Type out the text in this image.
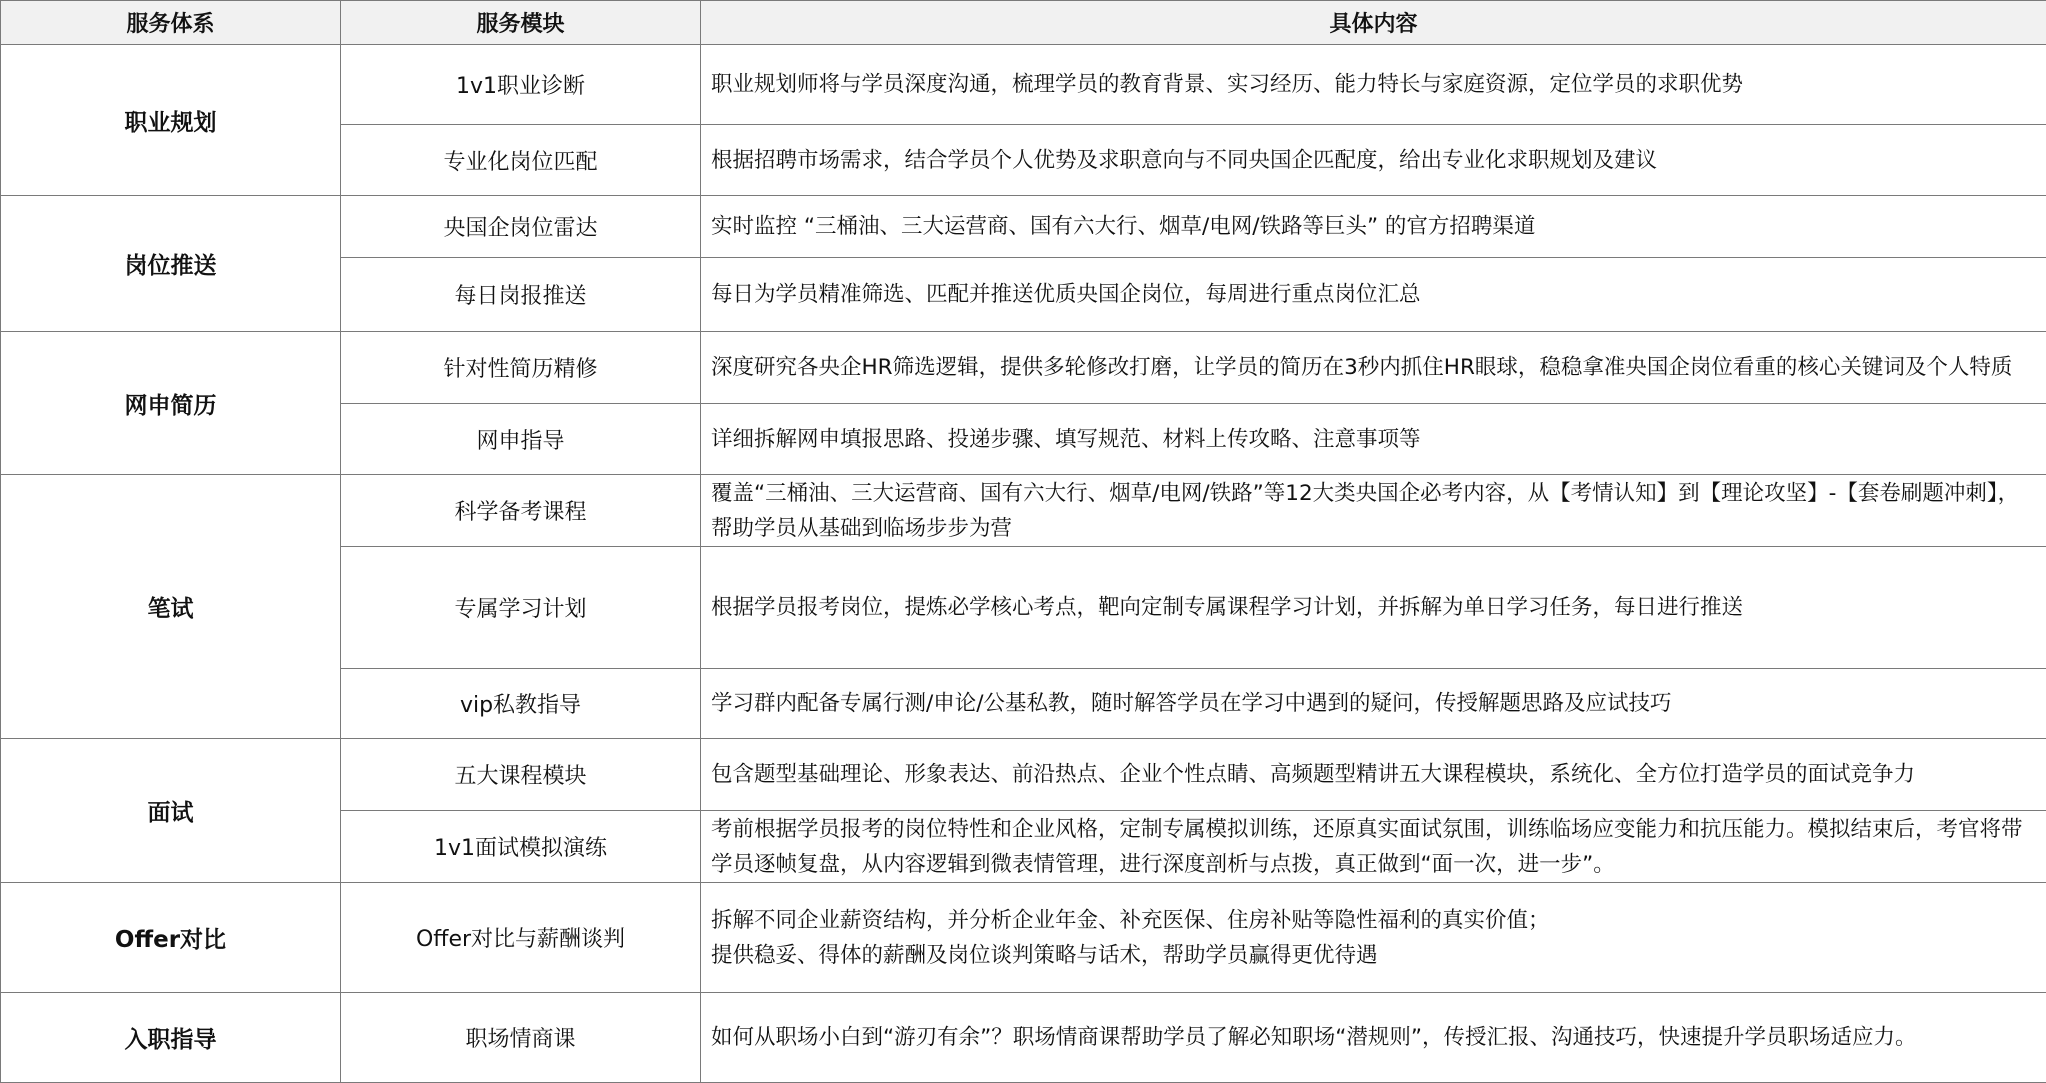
服务体系	服务模块	具体内容
职业规划	1v1职业诊断	职业规划师将与学员深度沟通，梳理学员的教育背景、实习经历、能力特长与家庭资源，定位学员的求职优势
	专业化岗位匹配	根据招聘市场需求，结合学员个人优势及求职意向与不同央国企匹配度，给出专业化求职规划及建议
岗位推送	央国企岗位雷达	实时监控 “三桶油、三大运营商、国有六大行、烟草/电网/铁路等巨头” 的官方招聘渠道
	每日岗报推送	每日为学员精准筛选、匹配并推送优质央国企岗位，每周进行重点岗位汇总
网申简历	针对性简历精修	深度研究各央企HR筛选逻辑，提供多轮修改打磨，让学员的简历在3秒内抓住HR眼球，稳稳拿准央国企岗位看重的核心关键词及个人特质
	网申指导	详细拆解网申填报思路、投递步骤、填写规范、材料上传攻略、注意事项等
笔试	科学备考课程	覆盖“三桶油、三大运营商、国有六大行、烟草/电网/铁路”等12大类央国企必考内容，从【考情认知】到【理论攻坚】-【套卷刷题冲刺】，帮助学员从基础到临场步步为营
	专属学习计划	根据学员报考岗位，提炼必学核心考点，靶向定制专属课程学习计划，并拆解为单日学习任务，每日进行推送
	vip私教指导	学习群内配备专属行测/申论/公基私教，随时解答学员在学习中遇到的疑问，传授解题思路及应试技巧
面试	五大课程模块	包含题型基础理论、形象表达、前沿热点、企业个性点睛、高频题型精讲五大课程模块，系统化、全方位打造学员的面试竞争力
	1v1面试模拟演练	考前根据学员报考的岗位特性和企业风格，定制专属模拟训练，还原真实面试氛围，训练临场应变能力和抗压能力。模拟结束后，考官将带学员逐帧复盘，从内容逻辑到微表情管理，进行深度剖析与点拨，真正做到“面一次，进一步”。
Offer对比	Offer对比与薪酬谈判	拆解不同企业薪资结构，并分析企业年金、补充医保、住房补贴等隐性福利的真实价值；
提供稳妥、得体的薪酬及岗位谈判策略与话术，帮助学员赢得更优待遇

入职指导	职场情商课	如何从职场小白到“游刃有余”？职场情商课帮助学员了解必知职场“潜规则”，传授汇报、沟通技巧，快速提升学员职场适应力。
